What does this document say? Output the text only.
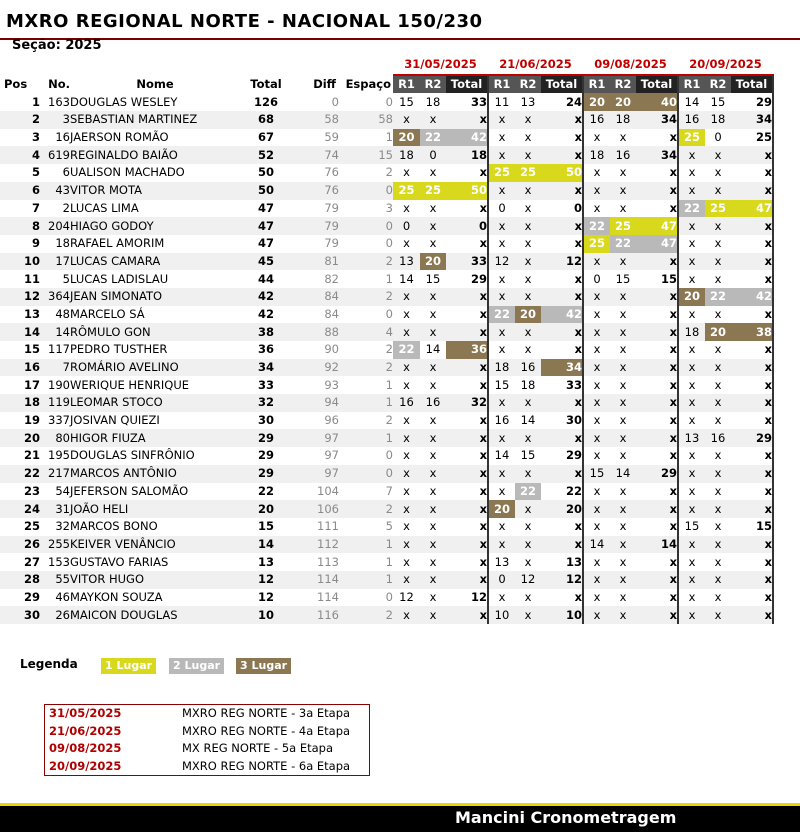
MXRO REGIONAL NORTE - NACIONAL 150/230
Seção: 2025
						31/05/2025			21/06/2025			09/08/2025			20/09/2025		
Pos	No.	Nome	Total	Diff	Espaço	R1	R2	Total	R1	R2	Total	R1	R2	Total	R1	R2	Total
1	163	DOUGLAS WESLEY	126	0	0	15	18	33	11	13	24	20	20	40	14	15	29
2	3	SEBASTIAN MARTINEZ	68	58	58	x	x	x	x	x	x	16	18	34	16	18	34
3	16	JAERSON ROMÃO	67	59	1	20	22	42	x	x	x	x	x	x	25	0	25
4	619	REGINALDO BAIÃO	52	74	15	18	0	18	x	x	x	18	16	34	x	x	x
5	6	UALISON MACHADO	50	76	2	x	x	x	25	25	50	x	x	x	x	x	x
6	43	VITOR MOTA	50	76	0	25	25	50	x	x	x	x	x	x	x	x	x
7	2	LUCAS LIMA	47	79	3	x	x	x	0	x	0	x	x	x	22	25	47
8	204	HIAGO GODOY	47	79	0	0	x	0	x	x	x	22	25	47	x	x	x
9	18	RAFAEL AMORIM	47	79	0	x	x	x	x	x	x	25	22	47	x	x	x
10	17	LUCAS CAMARA	45	81	2	13	20	33	12	x	12	x	x	x	x	x	x
11	5	LUCAS LADISLAU	44	82	1	14	15	29	x	x	x	0	15	15	x	x	x
12	364	JEAN SIMONATO	42	84	2	x	x	x	x	x	x	x	x	x	20	22	42
13	48	MARCELO SÁ	42	84	0	x	x	x	22	20	42	x	x	x	x	x	x
14	14	RÔMULO GON	38	88	4	x	x	x	x	x	x	x	x	x	18	20	38
15	117	PEDRO TUSTHER	36	90	2	22	14	36	x	x	x	x	x	x	x	x	x
16	7	ROMÁRIO AVELINO	34	92	2	x	x	x	18	16	34	x	x	x	x	x	x
17	190	WERIQUE HENRIQUE	33	93	1	x	x	x	15	18	33	x	x	x	x	x	x
18	119	LEOMAR STOCO	32	94	1	16	16	32	x	x	x	x	x	x	x	x	x
19	337	JOSIVAN QUIEZI	30	96	2	x	x	x	16	14	30	x	x	x	x	x	x
20	80	HIGOR FIUZA	29	97	1	x	x	x	x	x	x	x	x	x	13	16	29
21	195	DOUGLAS SINFRÔNIO	29	97	0	x	x	x	14	15	29	x	x	x	x	x	x
22	217	MARCOS ANTÔNIO	29	97	0	x	x	x	x	x	x	15	14	29	x	x	x
23	54	JEFERSON SALOMÃO	22	104	7	x	x	x	x	22	22	x	x	x	x	x	x
24	31	JOÃO HELI	20	106	2	x	x	x	20	x	20	x	x	x	x	x	x
25	32	MARCOS BONO	15	111	5	x	x	x	x	x	x	x	x	x	15	x	15
26	255	KEIVER VENÂNCIO	14	112	1	x	x	x	x	x	x	14	x	14	x	x	x
27	153	GUSTAVO FARIAS	13	113	1	x	x	x	13	x	13	x	x	x	x	x	x
28	55	VITOR HUGO	12	114	1	x	x	x	0	12	12	x	x	x	x	x	x
29	46	MAYKON SOUZA	12	114	0	12	x	12	x	x	x	x	x	x	x	x	x
30	26	MAICON DOUGLAS	10	116	2	x	x	x	10	x	10	x	x	x	x	x	x
Legenda	1 Lugar	2 Lugar	3 Lugar
31/05/2025	MXRO REG NORTE - 3a Etapa
21/06/2025	MXRO REG NORTE - 4a Etapa
09/08/2025	MX REG NORTE - 5a Etapa
20/09/2025	MXRO REG NORTE - 6a Etapa
Mancini Cronometragem
